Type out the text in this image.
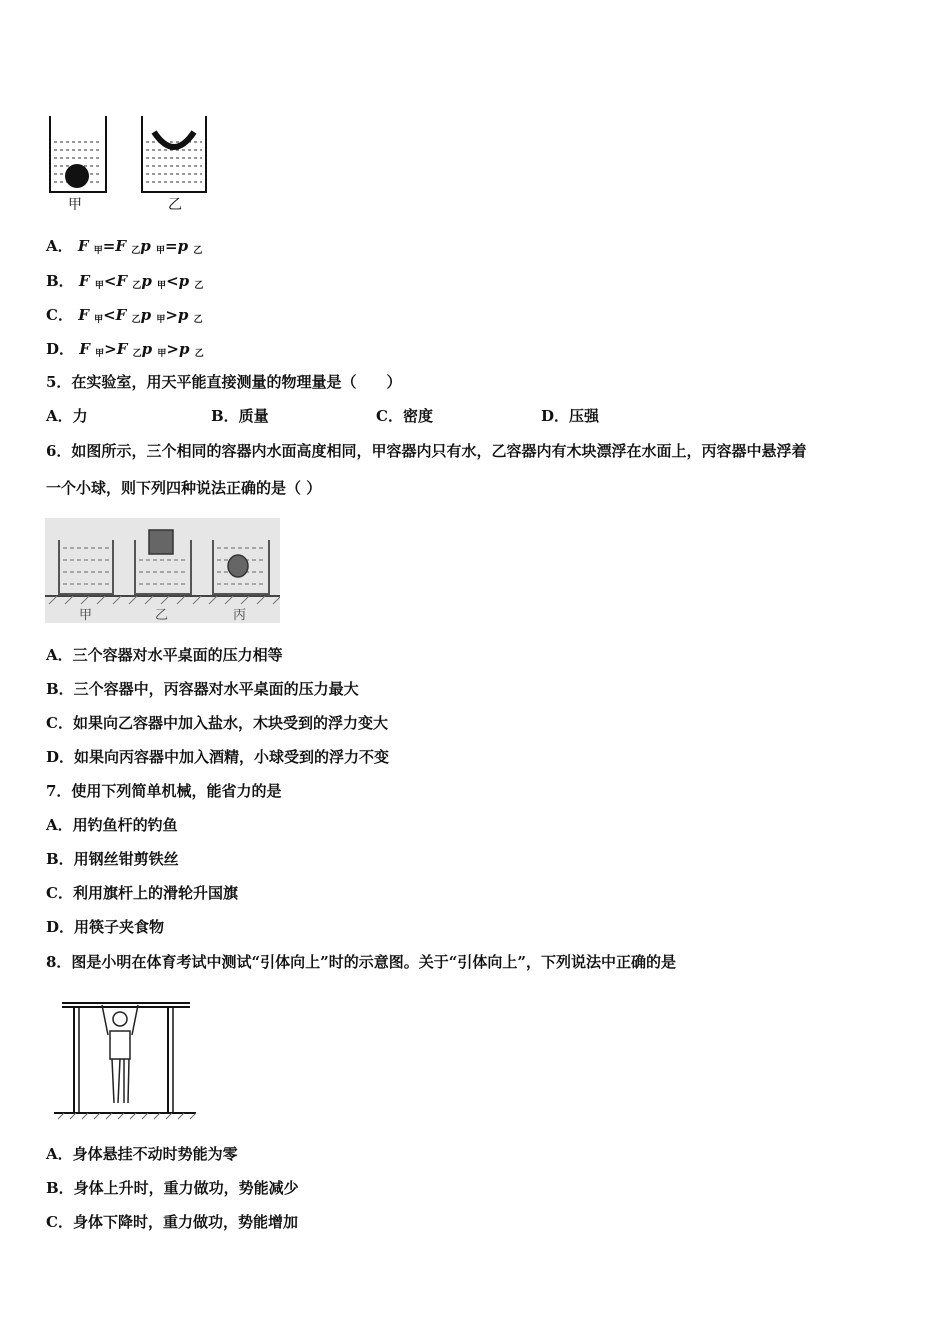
甲	乙
A． F $_甲$=F $_乙$p $_甲$=p $_乙$
B． F $_甲$<F $_乙$p $_甲$<p $_乙$
C． F $_甲$<F $_乙$p $_甲$>p $_乙$
D． F $_甲$>F $_乙$p $_甲$>p $_乙$
5．在实验室，用天平能直接测量的物理量是（　　）
A．力	B．质量	C．密度	D．压强
6．如图所示，三个相同的容器内水面高度相同，甲容器内只有水，乙容器内有木块漂浮在水面上，丙容器中悬浮着
一个小球，则下列四种说法正确的是（ ）
甲	乙	丙
A．三个容器对水平桌面的压力相等
B．三个容器中，丙容器对水平桌面的压力最大
C．如果向乙容器中加入盐水，木块受到的浮力变大
D．如果向丙容器中加入酒精，小球受到的浮力不变
7．使用下列简单机械，能省力的是
A．用钓鱼杆的钓鱼
B．用钢丝钳剪铁丝
C．利用旗杆上的滑轮升国旗
D．用筷子夹食物
8．图是小明在体育考试中测试“引体向上”时的示意图。关于“引体向上”，下列说法中正确的是
A．身体悬挂不动时势能为零
B．身体上升时，重力做功，势能减少
C．身体下降时，重力做功，势能增加
